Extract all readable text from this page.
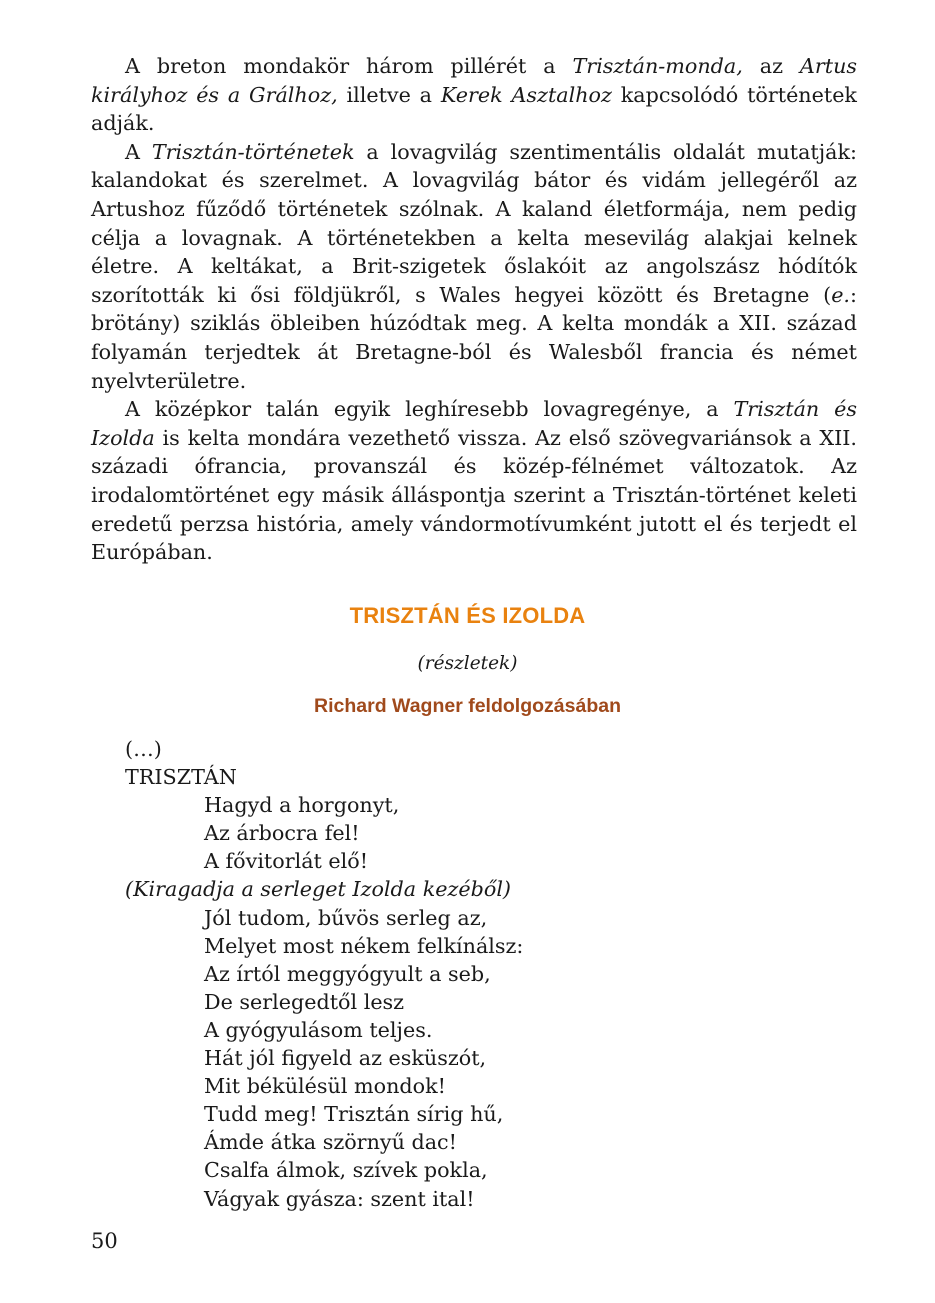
A breton mondakör három pillérét a Trisztán-monda, az Artus királyhoz és a Grálhoz, illetve a Kerek Asztalhoz kapcsolódó történetek adják.

A Trisztán-történetek a lovagvilág szentimentális oldalát mutatják: kalandokat és szerelmet. A lovagvilág bátor és vidám jellegéről az Artushoz fűződő történetek szólnak. A kaland életformája, nem pedig célja a lovagnak. A történetekben a kelta mesevilág alakjai kelnek életre. A keltákat, a Brit-szigetek őslakóit az angolszász hódítók szorították ki ősi földjükről, s Wales hegyei között és Bretagne (e.: brötány) sziklás öbleiben húzódtak meg. A kelta mondák a XII. század folyamán terjedtek át Bretagne-ból és Walesből francia és német nyelvterületre.

A középkor talán egyik leghíresebb lovagregénye, a Trisztán és Izolda is kelta mondára vezethető vissza. Az első szövegvariánsok a XII. századi ófrancia, provanszál és közép-félnémet változatok. Az irodalomtörténet egy másik álláspontja szerint a Trisztán-történet keleti eredetű perzsa história, amely vándormotívumként jutott el és terjedt el Európában.

TRISZTÁN ÉS IZOLDA
(részletek)
Richard Wagner feldolgozásában
(…)
TRISZTÁN
Hagyd a horgonyt,
Az árbocra fel!
A fővitorlát elő!
(Kiragadja a serleget Izolda kezéből)
Jól tudom, bűvös serleg az,
Melyet most nékem felkínálsz:
Az írtól meggyógyult a seb,
De serlegedtől lesz
A gyógyulásom teljes.
Hát jól figyeld az esküszót,
Mit békülésül mondok!
Tudd meg! Trisztán sírig hű,
Ámde átka szörnyű dac!
Csalfa álmok, szívek pokla,
Vágyak gyásza: szent ital!
50
